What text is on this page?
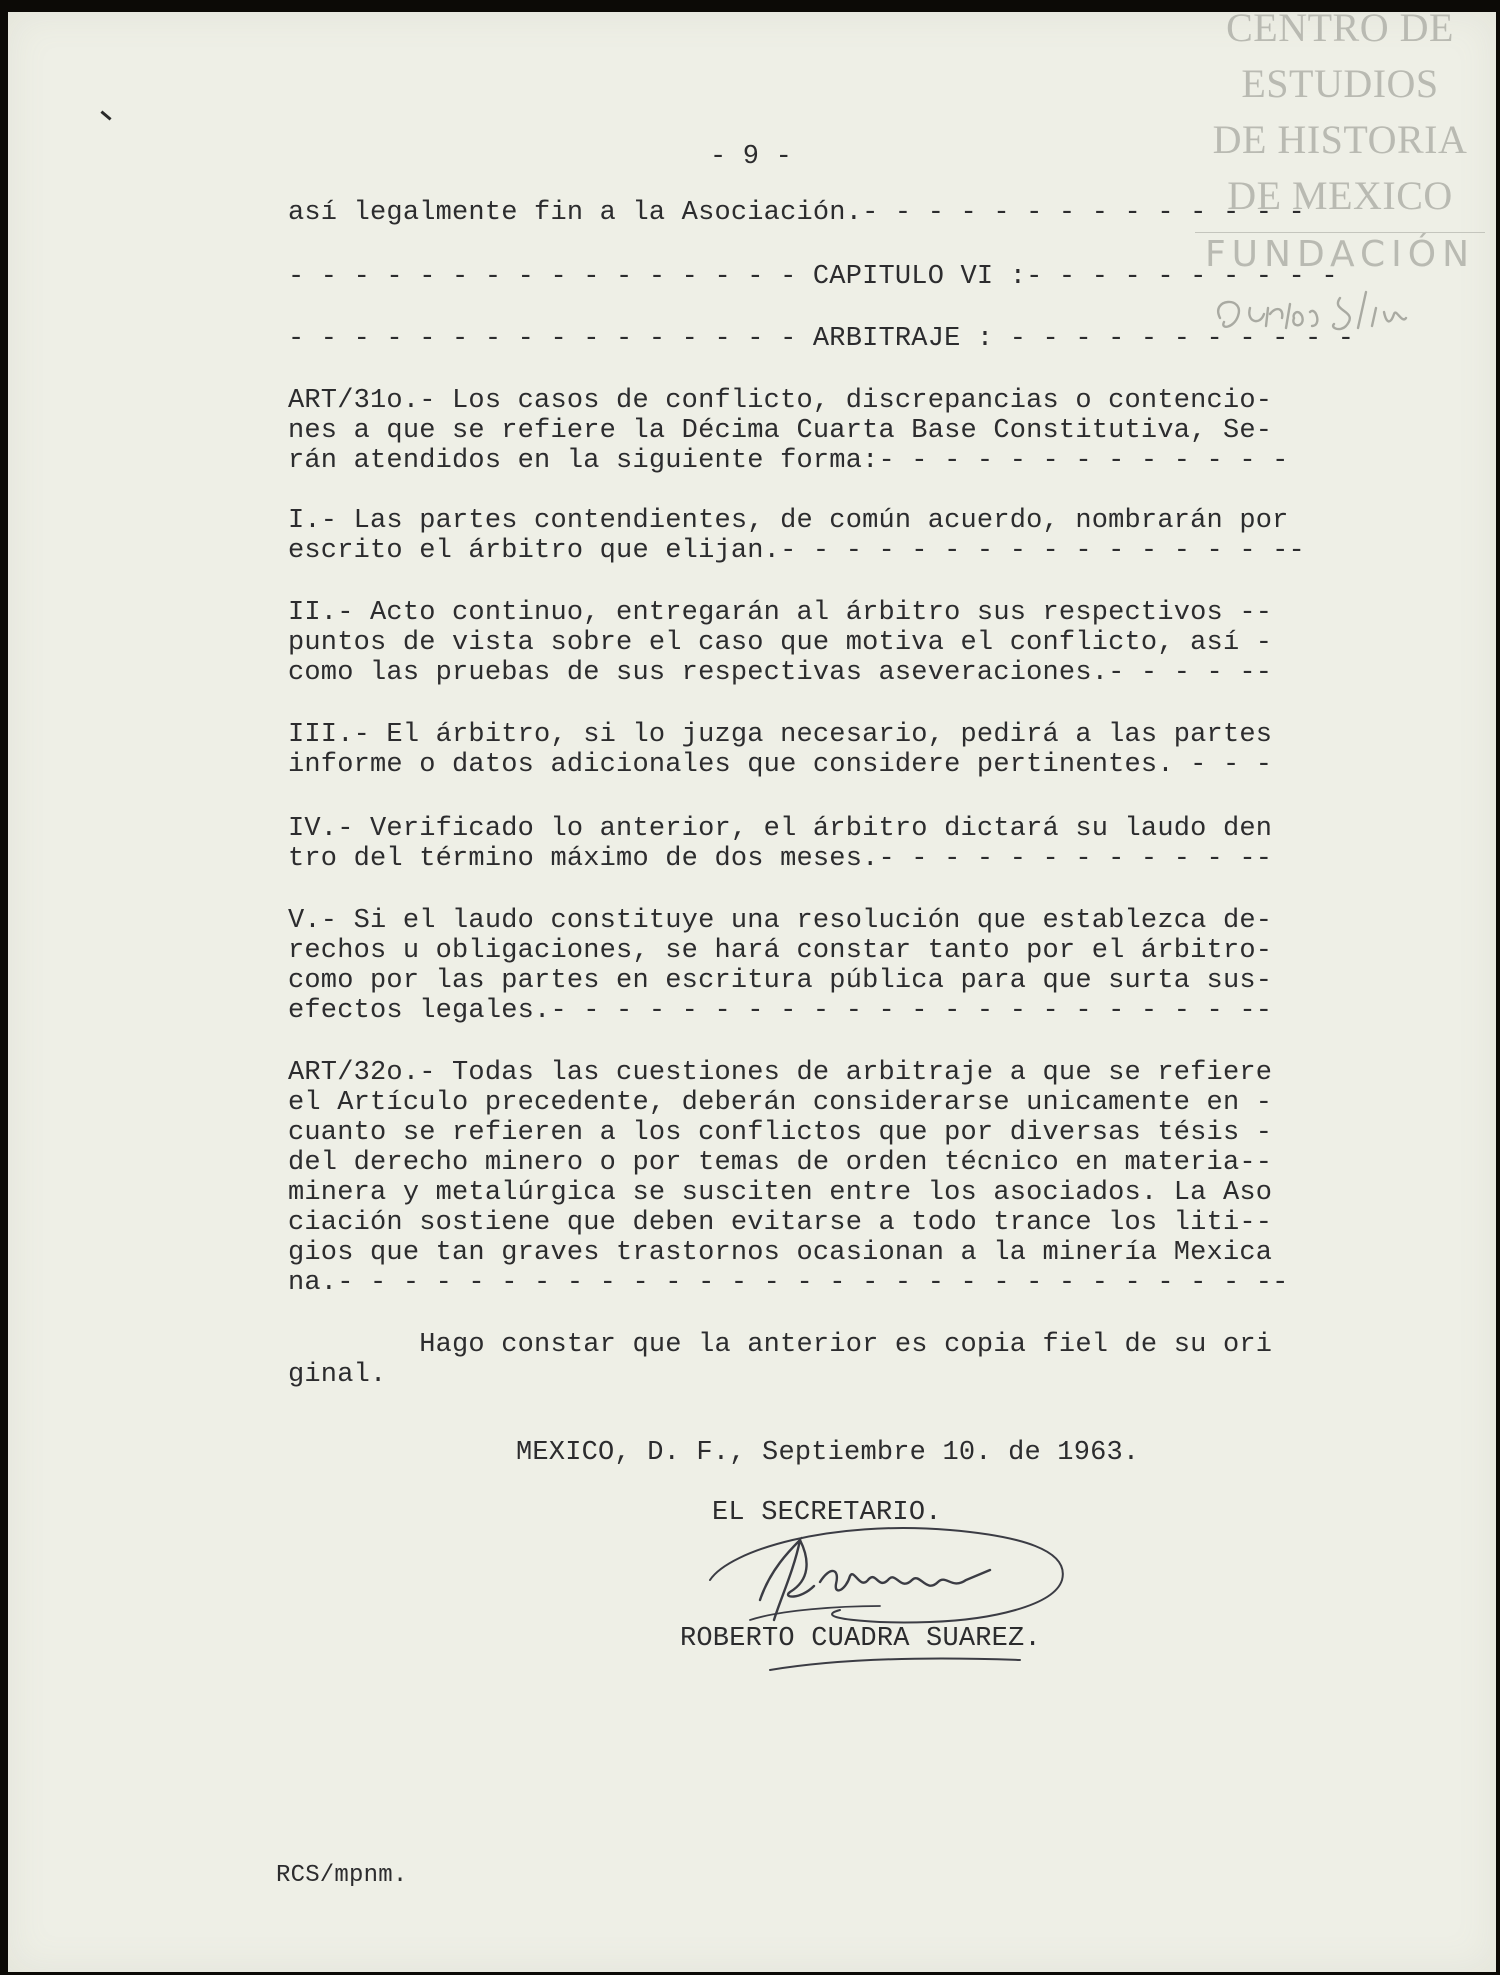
CENTRO DE
ESTUDIOS
DE HISTORIA
DE MEXICO
FUNDACIÓN
- 9 -
así legalmente fin a la Asociación.- - - - - - - - - - - - - -
- - - - - - - - - - - - - - - - CAPITULO VI :- - - - - - - - - -
- - - - - - - - - - - - - - - - ARBITRAJE : - - - - - - - - - - -
ART/31o.- Los casos de conflicto, discrepancias o contencio-
nes a que se refiere la Décima Cuarta Base Constitutiva, Se-
rán atendidos en la siguiente forma:- - - - - - - - - - - - -
I.- Las partes contendientes, de común acuerdo, nombrarán por
escrito el árbitro que elijan.- - - - - - - - - - - - - - - --
II.- Acto continuo, entregarán al árbitro sus respectivos --
puntos de vista sobre el caso que motiva el conflicto, así -
como las pruebas de sus respectivas aseveraciones.- - - - --
III.- El árbitro, si lo juzga necesario, pedirá a las partes
informe o datos adicionales que considere pertinentes. - - -
IV.- Verificado lo anterior, el árbitro dictará su laudo den
tro del término máximo de dos meses.- - - - - - - - - - - --
V.- Si el laudo constituye una resolución que establezca de-
rechos u obligaciones, se hará constar tanto por el árbitro-
como por las partes en escritura pública para que surta sus-
efectos legales.- - - - - - - - - - - - - - - - - - - - - --
ART/32o.- Todas las cuestiones de arbitraje a que se refiere
el Artículo precedente, deberán considerarse unicamente en -
cuanto se refieren a los conflictos que por diversas tésis -
del derecho minero o por temas de orden técnico en materia--
minera y metalúrgica se susciten entre los asociados. La Aso
ciación sostiene que deben evitarse a todo trance los liti--
gios que tan graves trastornos ocasionan a la minería Mexica
na.- - - - - - - - - - - - - - - - - - - - - - - - - - - - --
Hago constar que la anterior es copia fiel de su ori
ginal.
MEXICO, D. F., Septiembre 10. de 1963.
EL SECRETARIO.
ROBERTO CUADRA SUAREZ.
RCS/mpnm.
